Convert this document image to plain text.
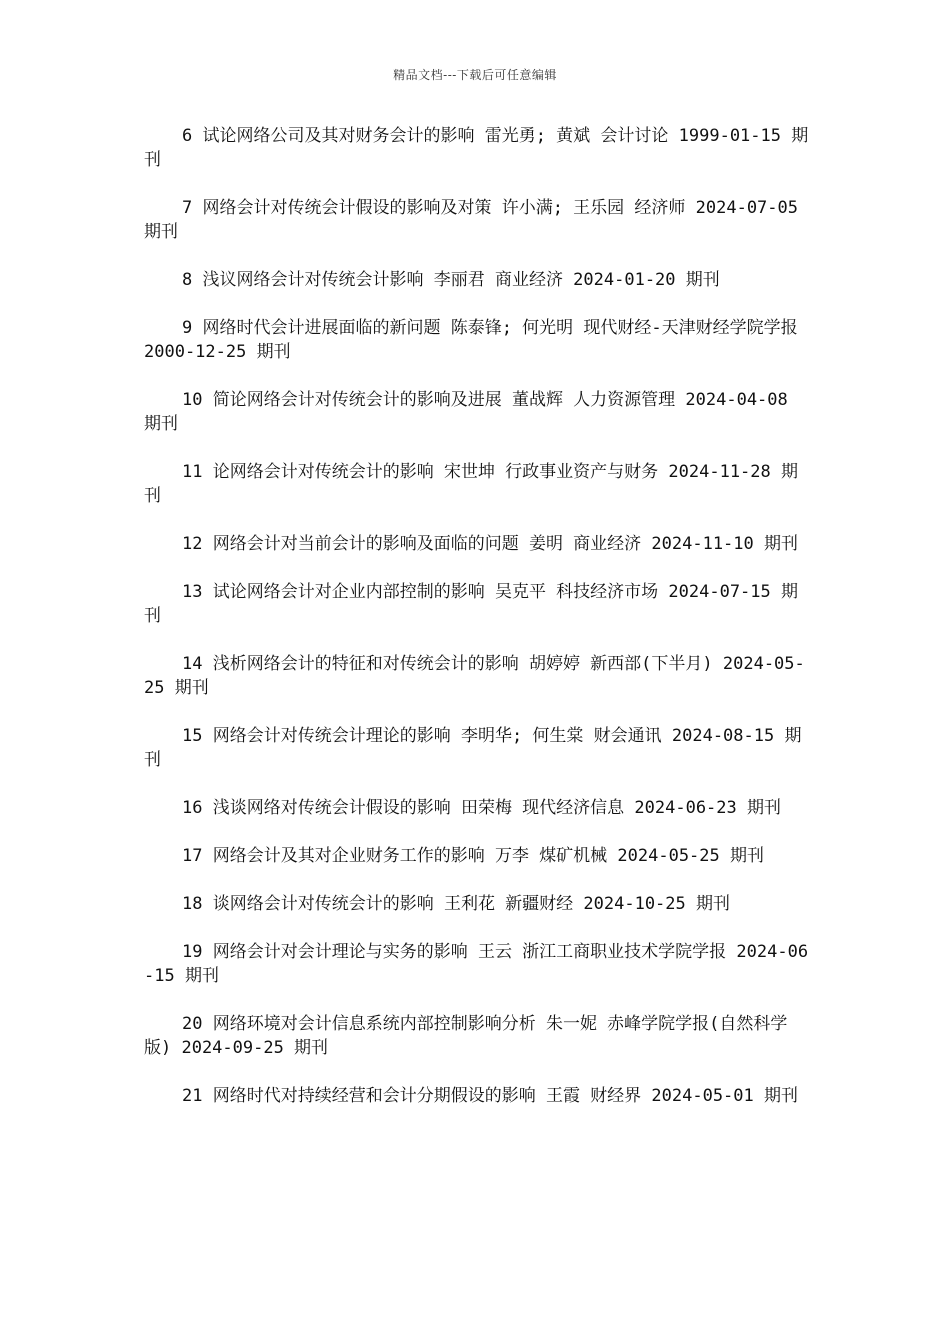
精品文档---下载后可任意编辑

6 试论网络公司及其对财务会计的影响 雷光勇; 黄斌 会计讨论 1999-01-15 期刊

7 网络会计对传统会计假设的影响及对策 许小满; 王乐园 经济师 2024-07-05 期刊

8 浅议网络会计对传统会计影响 李丽君 商业经济 2024-01-20 期刊

9 网络时代会计进展面临的新问题 陈泰锋; 何光明 现代财经-天津财经学院学报 2000-12-25 期刊

10 简论网络会计对传统会计的影响及进展 董战辉 人力资源管理 2024-04-08 期刊

11 论网络会计对传统会计的影响 宋世坤 行政事业资产与财务 2024-11-28 期刊

12 网络会计对当前会计的影响及面临的问题 姜明 商业经济 2024-11-10 期刊

13 试论网络会计对企业内部控制的影响 吴克平 科技经济市场 2024-07-15 期刊

14 浅析网络会计的特征和对传统会计的影响 胡婷婷 新西部(下半月) 2024-05-25 期刊

15 网络会计对传统会计理论的影响 李明华; 何生棠 财会通讯 2024-08-15 期刊

16 浅谈网络对传统会计假设的影响 田荣梅 现代经济信息 2024-06-23 期刊

17 网络会计及其对企业财务工作的影响 万李 煤矿机械 2024-05-25 期刊

18 谈网络会计对传统会计的影响 王利花 新疆财经 2024-10-25 期刊

19 网络会计对会计理论与实务的影响 王云 浙江工商职业技术学院学报 2024-06-15 期刊

20 网络环境对会计信息系统内部控制影响分析 朱一妮 赤峰学院学报(自然科学版) 2024-09-25 期刊

21 网络时代对持续经营和会计分期假设的影响 王霞 财经界 2024-05-01 期刊
